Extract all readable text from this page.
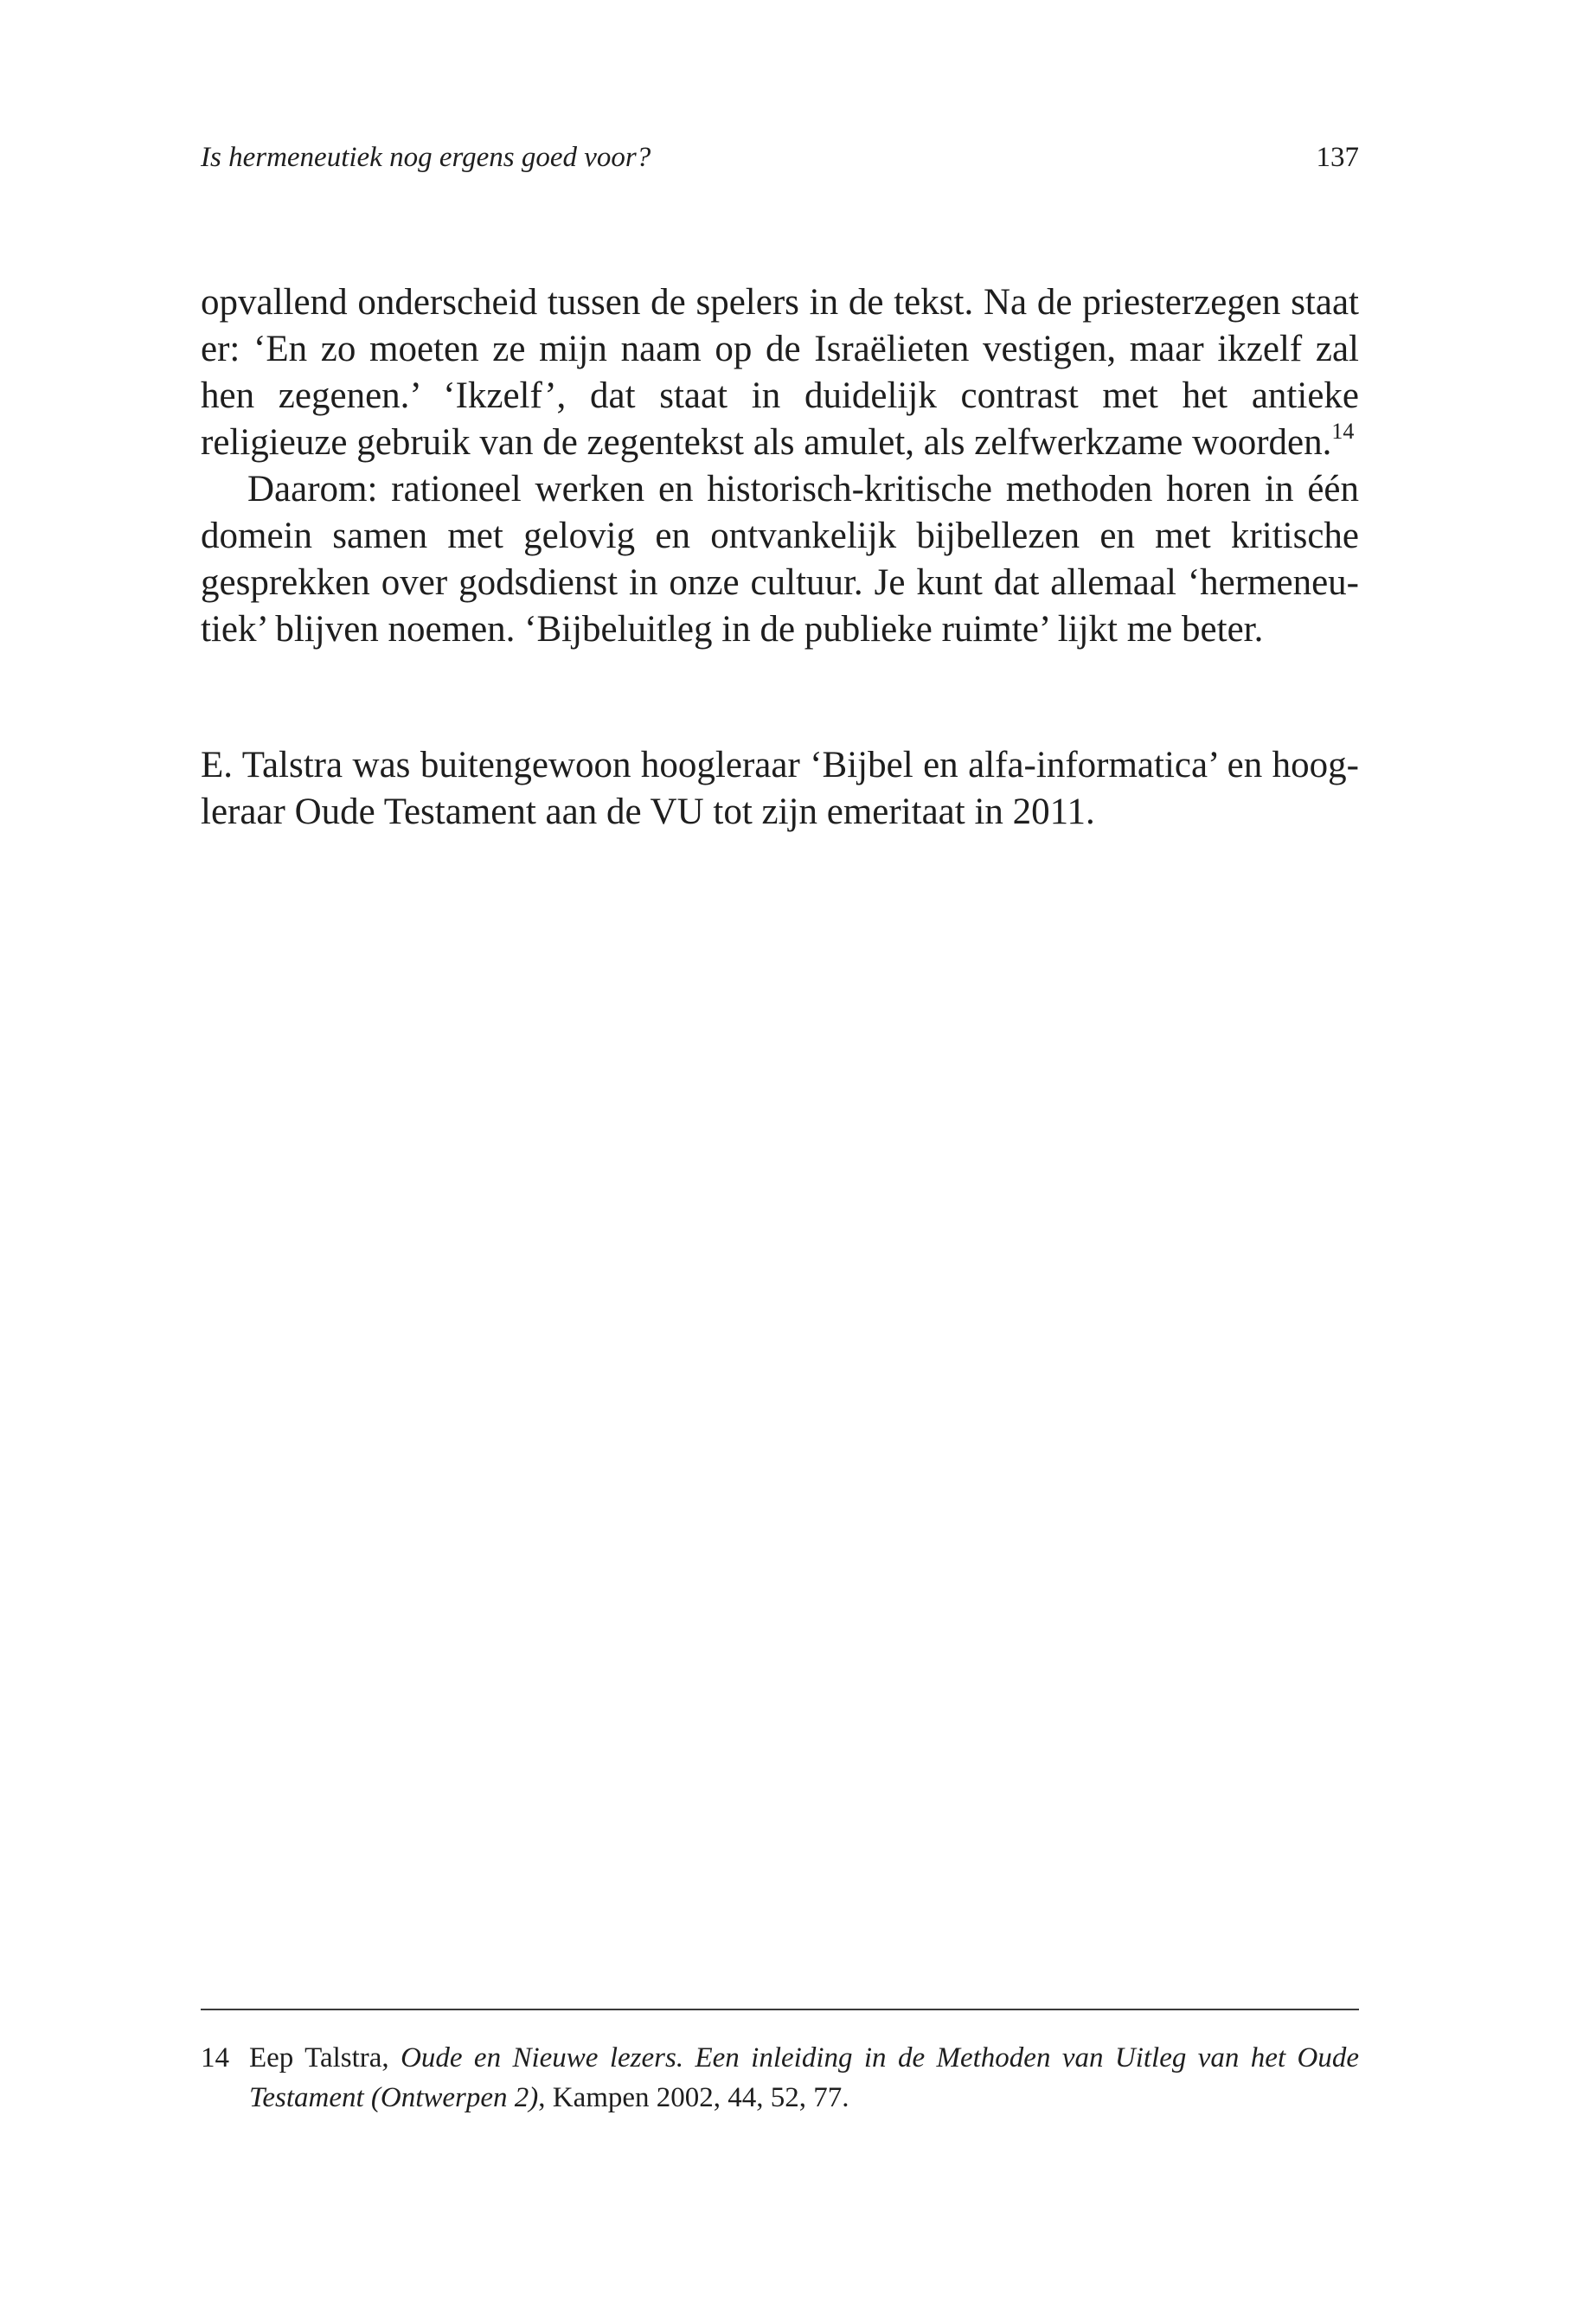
Is hermeneutiek nog ergens goed voor?	137

opvallend onderscheid tussen de spelers in de tekst. Na de priesterzegen staat er: ‘En zo moeten ze mijn naam op de Israëlieten vestigen, maar ikzelf zal hen zegenen.’ ‘Ikzelf’, dat staat in duidelijk contrast met het antieke religieuze gebruik van de zegentekst als amulet, als zelfwerkzame woorden.$^{14}$

Daarom: rationeel werken en historisch-kritische methoden horen in één domein samen met gelovig en ontvankelijk bijbellezen en met kritische gesprekken over godsdienst in onze cultuur. Je kunt dat allemaal ‘hermeneu-tiek’ blijven noemen. ‘Bijbeluitleg in de publieke ruimte’ lijkt me beter.

E. Talstra was buitengewoon hoogleraar ‘Bijbel en alfa-informatica’ en hoog-leraar Oude Testament aan de VU tot zijn emeritaat in 2011.

14 Eep Talstra, Oude en Nieuwe lezers. Een inleiding in de Methoden van Uitleg van het Oude Testament (Ontwerpen 2), Kampen 2002, 44, 52, 77.
